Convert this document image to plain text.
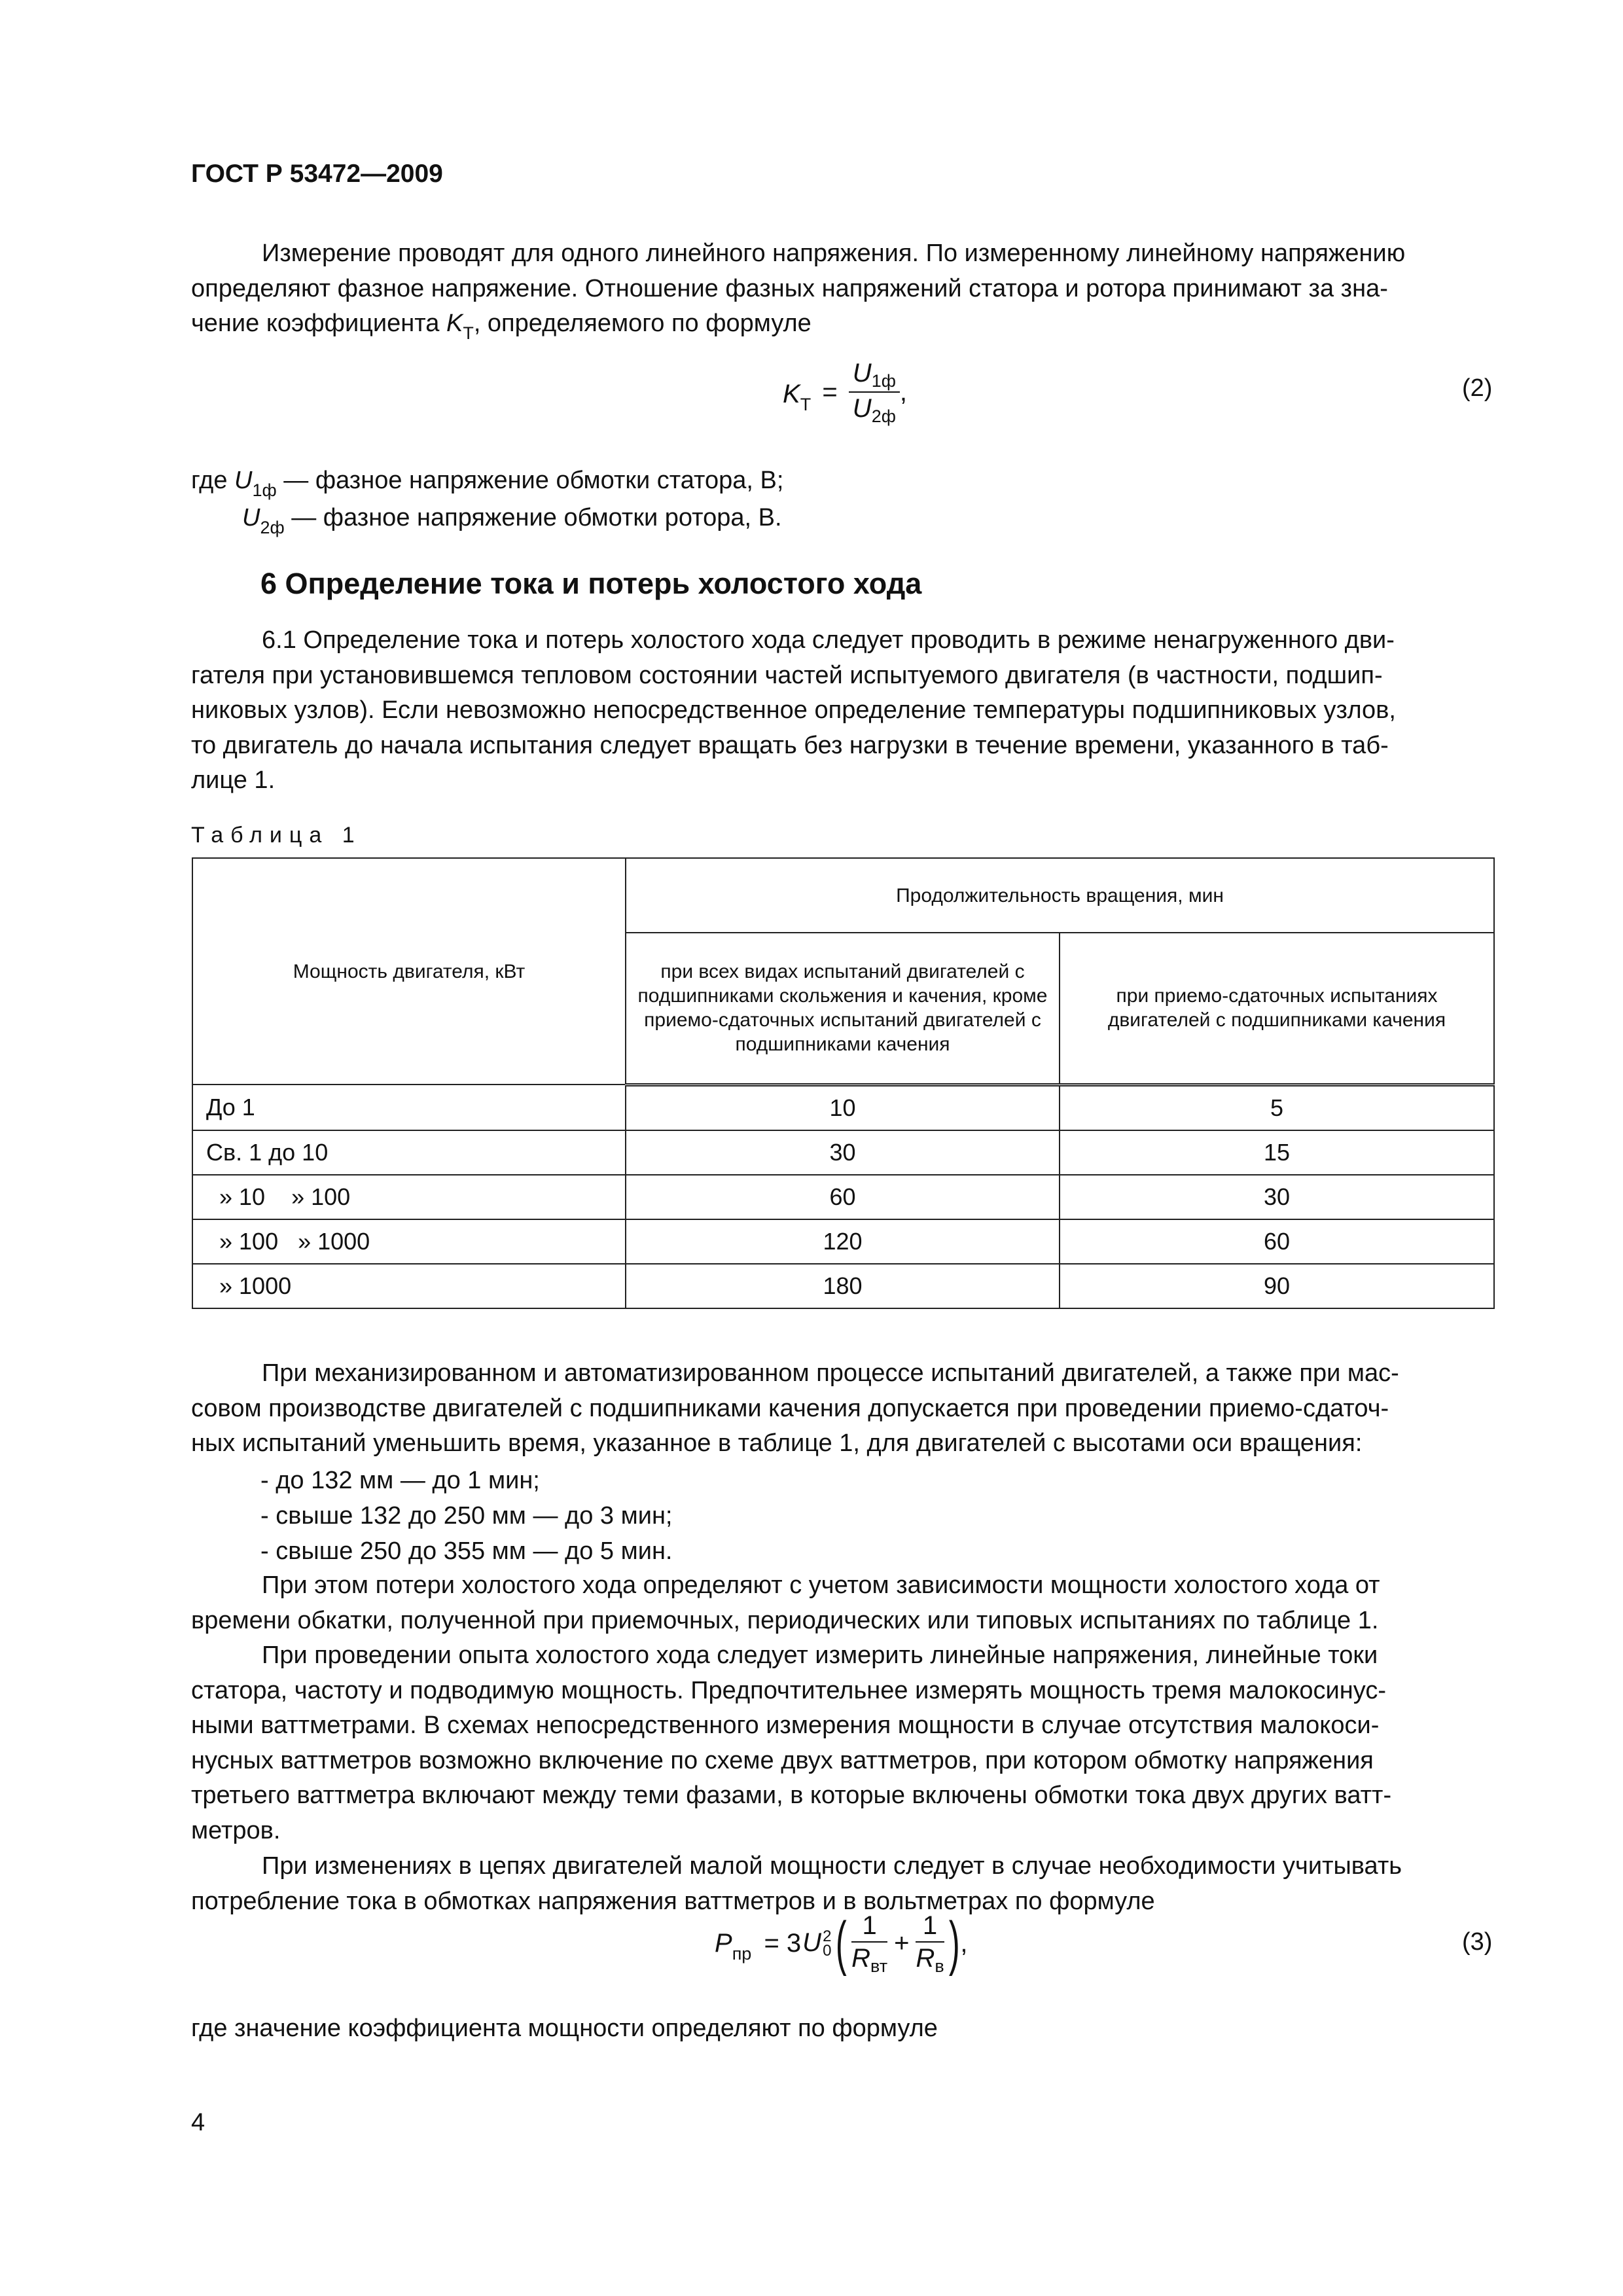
ГОСТ Р 53472—2009
Измерение проводят для одного линейного напряжения. По измеренному линейному напряжению
определяют фазное напряжение. Отношение фазных напряжений статора и ротора принимают за зна-
чение коэффициента $K_Т$, определяемого по формуле
$K_Т = \frac{U_{1ф}}{U_{2ф}}$ ,	(2)
где $U_{1ф}$ — фазное напряжение обмотки статора, В;
$U_{2ф}$ — фазное напряжение обмотки ротора, В.
6 Определение тока и потерь холостого хода
6.1 Определение тока и потерь холостого хода следует проводить в режиме ненагруженного дви-
гателя при установившемся тепловом состоянии частей испытуемого двигателя (в частности, подшип-
никовых узлов). Если невозможно непосредственное определение температуры подшипниковых узлов,
то двигатель до начала испытания следует вращать без нагрузки в течение времени, указанного в таб-
лице 1.
Таблица 1
Мощность двигателя, кВт	Продолжительность вращения, мин	
	при всех видах испытаний двигателей с подшипниками скольжения и качения, кроме приемо-сдаточных испытаний двигателей с подшипниками качения	при приемо-сдаточных испытаниях двигателей с подшипниками качения
До 1	10	5
Св. 1 до 10	30	15
» 10    » 100	60	30
» 100   » 1000	120	60
» 1000	180	90
При механизированном и автоматизированном процессе испытаний двигателей, а также при мас-
совом производстве двигателей с подшипниками качения допускается при проведении приемо-сдаточ-
ных испытаний уменьшить время, указанное в таблице 1, для двигателей с высотами оси вращения:
- до 132 мм — до 1 мин;
- свыше 132 до 250 мм — до 3 мин;
- свыше 250 до 355 мм — до 5 мин.
При этом потери холостого хода определяют с учетом зависимости мощности холостого хода от
времени обкатки, полученной при приемочных, периодических или типовых испытаниях по таблице 1.
При проведении опыта холостого хода следует измерить линейные напряжения, линейные токи
статора, частоту и подводимую мощность. Предпочтительнее измерять мощность тремя малокосинус-
ными ваттметрами. В схемах непосредственного измерения мощности в случае отсутствия малокоси-
нусных ваттметров возможно включение по схеме двух ваттметров, при котором обмотку напряжения
третьего ваттметра включают между теми фазами, в которые включены обмотки тока двух других ватт-
метров.
При изменениях в цепях двигателей малой мощности следует в случае необходимости учитывать
потребление тока в обмотках напряжения ваттметров и в вольтметрах по формуле
$P_{пр} = 3U$ 2
0 ( $\frac{1}{R_{вт}} + \frac{1}{R_в}$ ),	(3)
где значение коэффициента мощности определяют по формуле
4
